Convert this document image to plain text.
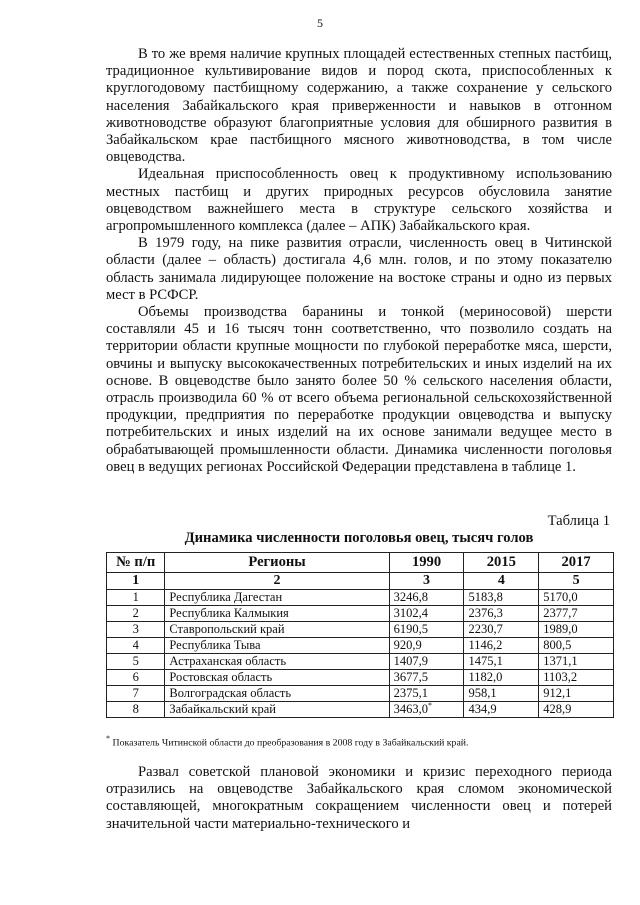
5

В то же время наличие крупных площадей естественных степных пастбищ, традиционное культивирование видов и пород скота, приспособленных к круглогодовому пастбищному содержанию, а также сохранение у сельского населения Забайкальского края приверженности и навыков в отгонном животноводстве образуют благоприятные условия для обширного развития в Забайкальском крае пастбищного мясного животноводства, в том числе овцеводства.

Идеальная приспособленность овец к продуктивному использованию местных пастбищ и других природных ресурсов обусловила занятие овцеводством важнейшего места в структуре сельского хозяйства и агропромышленного комплекса (далее – АПК) Забайкальского края.

В 1979 году, на пике развития отрасли, численность овец в Читинской области (далее – область) достигала 4,6 млн. голов, и по этому показателю область занимала лидирующее положение на востоке страны и одно из первых мест в РСФСР.

Объемы производства баранины и тонкой (мериносовой) шерсти составляли 45 и 16 тысяч тонн соответственно, что позволило создать на территории области крупные мощности по глубокой переработке мяса, шерсти, овчины и выпуску высококачественных потребительских и иных изделий на их основе. В овцеводстве было занято более 50 % сельского населения области, отрасль производила 60 % от всего объема региональной сельскохозяйственной продукции, предприятия по переработке продукции овцеводства и выпуску потребительских и иных изделий на их основе занимали ведущее место в обрабатывающей промышленности области. Динамика численности поголовья овец в ведущих регионах Российской Федерации представлена в таблице 1.

Таблица 1
Динамика численности поголовья овец, тысяч голов
№ п/п	Регионы	1990	2015	2017
1	2	3	4	5
1	Республика Дагестан	3246,8	5183,8	5170,0
2	Республика Калмыкия	3102,4	2376,3	2377,7
3	Ставропольский край	6190,5	2230,7	1989,0
4	Республика Тыва	920,9	1146,2	800,5
5	Астраханская область	1407,9	1475,1	1371,1
6	Ростовская область	3677,5	1182,0	1103,2
7	Волгоградская область	2375,1	958,1	912,1
8	Забайкальский край	3463,0*	434,9	428,9
* Показатель Читинской области до преобразования в 2008 году в Забайкальский край.

Развал советской плановой экономики и кризис переходного периода отразились на овцеводстве Забайкальского края сломом экономической составляющей, многократным сокращением численности овец и потерей значительной части материально-технического и
